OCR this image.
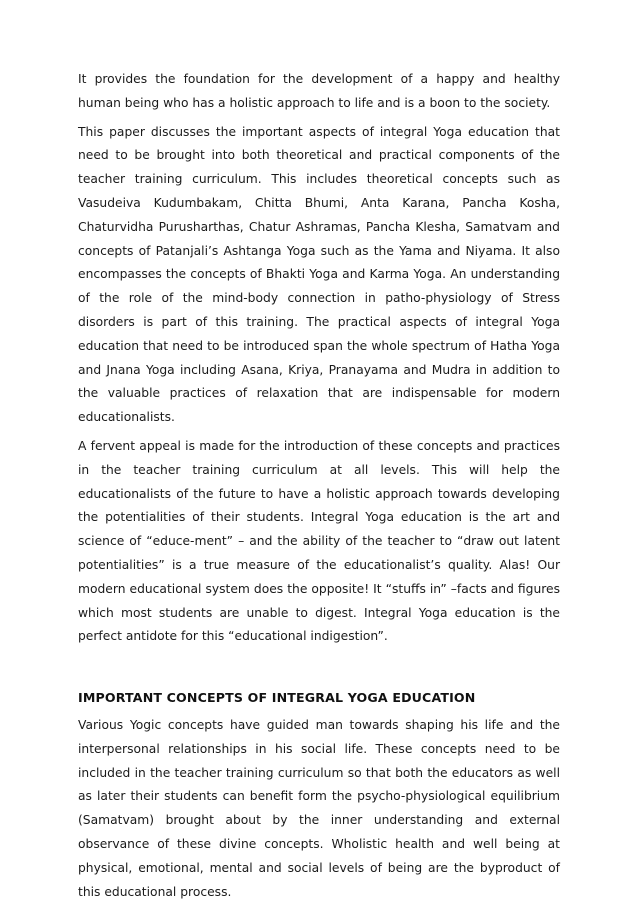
It provides the foundation for the development of a happy and healthy human being who has a holistic approach to life and is a boon to the society.

This paper discusses the important aspects of integral Yoga education that need to be brought into both theoretical and practical components of the teacher training curriculum. This includes theoretical concepts such as Vasudeiva Kudumbakam, Chitta Bhumi, Anta Karana, Pancha Kosha, Chaturvidha Purusharthas, Chatur Ashramas, Pancha Klesha, Samatvam and concepts of Patanjali’s Ashtanga Yoga such as the Yama and Niyama. It also encompasses the concepts of Bhakti Yoga and Karma Yoga. An understanding of the role of the mind-body connection in patho-physiology of Stress disorders is part of this training. The practical aspects of integral Yoga education that need to be introduced span the whole spectrum of Hatha Yoga and Jnana Yoga including Asana, Kriya, Pranayama and Mudra in addition to the valuable practices of relaxation that are indispensable for modern educationalists.

A fervent appeal is made for the introduction of these concepts and practices in the teacher training curriculum at all levels. This will help the educationalists of the future to have a holistic approach towards developing the potentialities of their students. Integral Yoga education is the art and science of “educe-ment” – and the ability of the teacher to “draw out latent potentialities” is a true measure of the educationalist’s quality. Alas! Our modern educational system does the opposite! It “stuffs in” –facts and figures which most students are unable to digest. Integral Yoga education is the perfect antidote for this “educational indigestion”.

IMPORTANT CONCEPTS OF INTEGRAL YOGA EDUCATION

Various Yogic concepts have guided man towards shaping his life and the interpersonal relationships in his social life. These concepts need to be included in the teacher training curriculum so that both the educators as well as later their students can benefit form the psycho-physiological equilibrium (Samatvam) brought about by the inner understanding and external observance of these divine concepts. Wholistic health and well being at physical, emotional, mental and social levels of being are the byproduct of this educational process.
